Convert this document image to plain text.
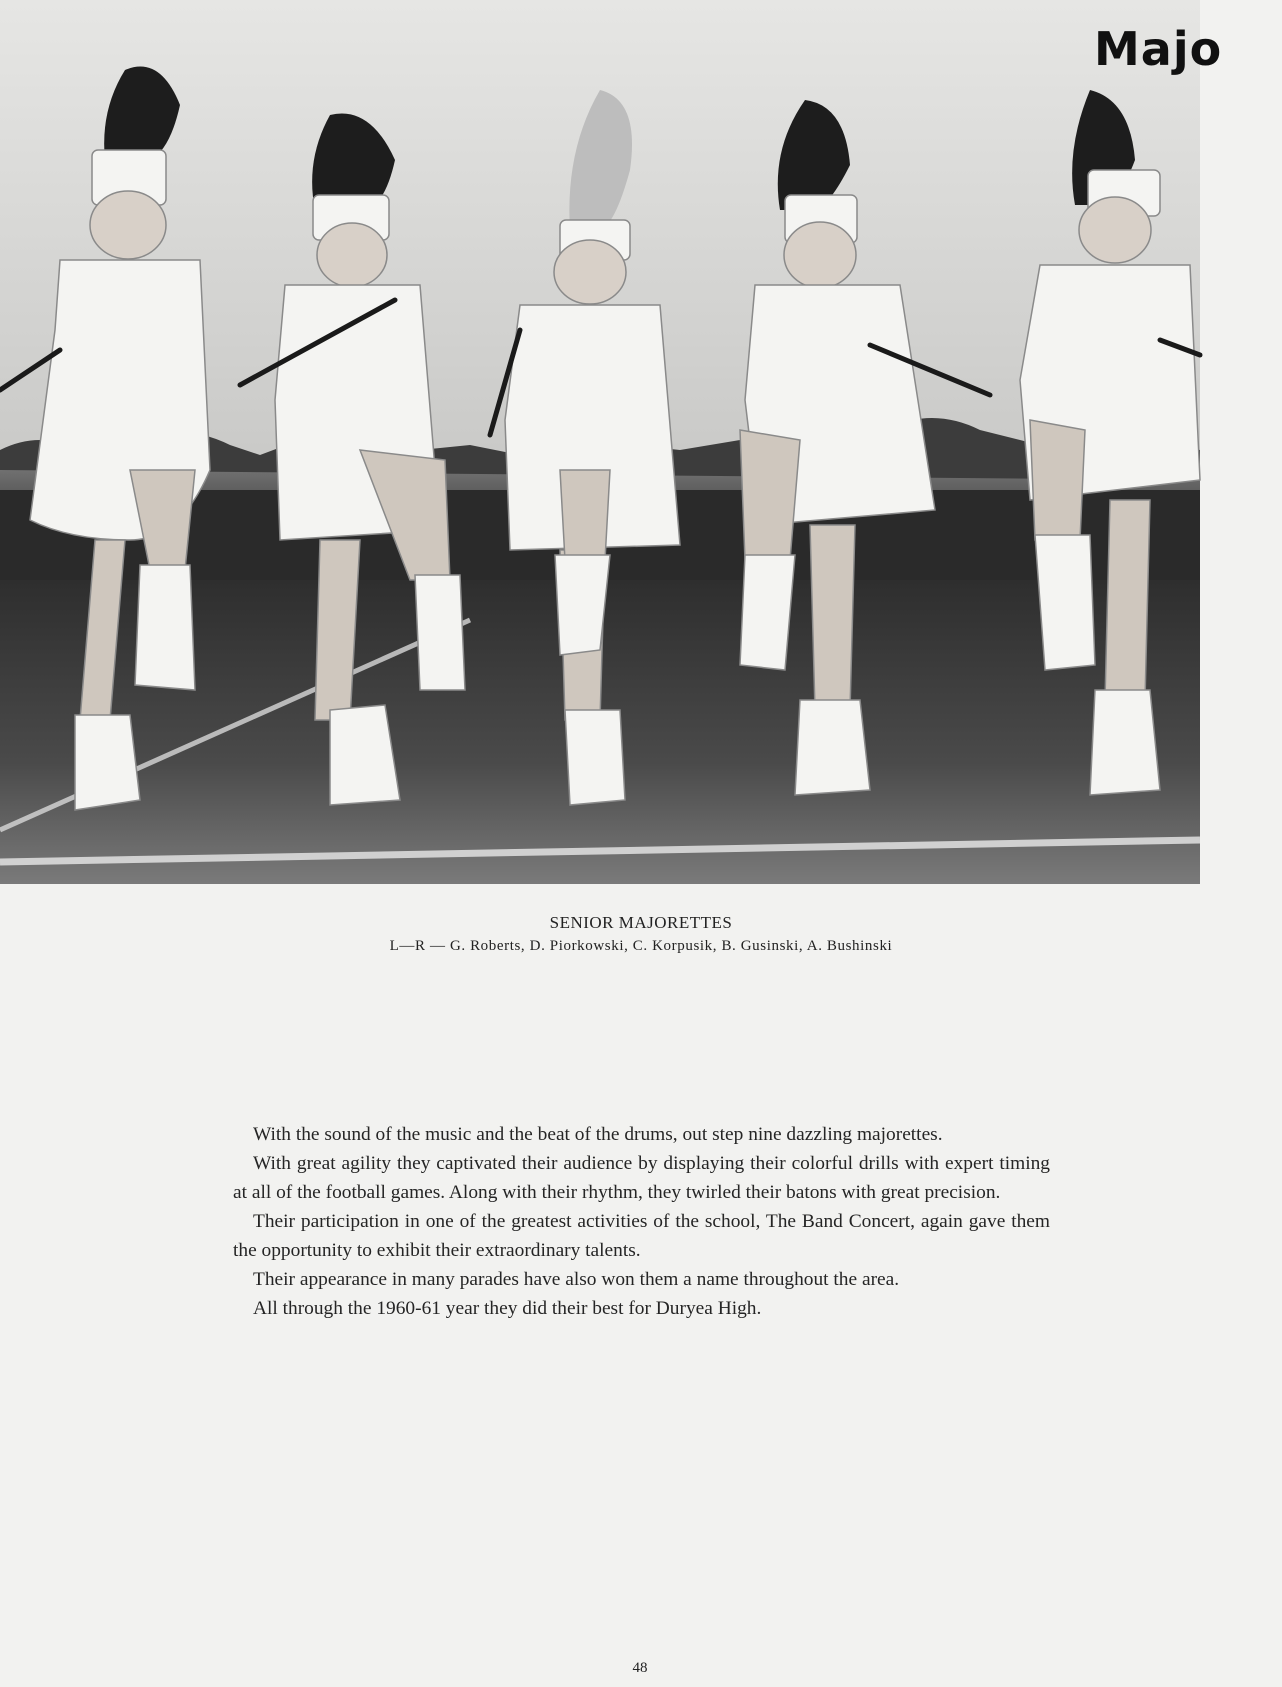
Majo

SENIOR MAJORETTES

L—R — G. Roberts, D. Piorkowski, C. Korpusik, B. Gusinski, A. Bushinski

With the sound of the music and the beat of the drums, out step nine dazzling majorettes.

With great agility they captivated their audience by displaying their colorful drills with expert timing at all of the football games. Along with their rhythm, they twirled their batons with great precision.

Their participation in one of the greatest activities of the school, The Band Concert, again gave them the opportunity to exhibit their extraordinary talents.

Their appearance in many parades have also won them a name throughout the area.

All through the 1960-61 year they did their best for Duryea High.

48
